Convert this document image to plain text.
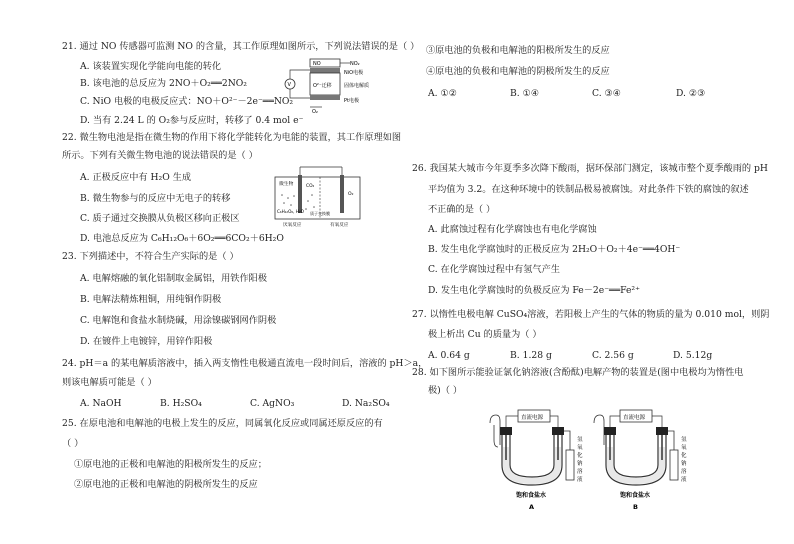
21. 通过 NO 传感器可监测 NO 的含量，其工作原理如图所示，下列说法错误的是（ ）
A. 该装置实现化学能向电能的转化
B. 该电池的总反应为 2NO＋O₂══2NO₂
C. NiO 电极的电极反应式：NO＋O²⁻－2e⁻══NO₂
D. 当有 2.24 L 的 O₂参与反应时，转移了 0.4 mol e⁻
NO	NO₂
NiO电极
O²⁻迁移 固体电解质
Pt电极
O₂
V
22. 微生物电池是指在微生物的作用下将化学能转化为电能的装置，其工作原理如图
所示。下列有关微生物电池的说法错误的是（ ）
A. 正极反应中有 H₂O 生成
B. 微生物参与的反应中无电子的转移
C. 质子通过交换膜从负极区移向正极区
D. 电池总反应为 C₆H₁₂O₆＋6O₂══6CO₂＋6H₂O
微生物
C₆H₁₂O₆, H₂O
CO₂
O₂
质子交换膜
厌氧反应	有氧反应
23. 下列描述中，不符合生产实际的是（ ）
A. 电解熔融的氧化铝制取金属铝，用铁作阳极
B. 电解法精炼粗铜，用纯铜作阴极
C. 电解饱和食盐水制烧碱，用涂镍碳钢网作阴极
D. 在镀件上电镀锌，用锌作阳极
24. pH＝a 的某电解质溶液中，插入两支惰性电极通直流电一段时间后，溶液的 pH＞a，
则该电解质可能是（ ）
A. NaOH	B. H₂SO₄	C. AgNO₃	D. Na₂SO₄
25. 在原电池和电解池的电极上发生的反应，同属氧化反应或同属还原反应的有
（ ）
①原电池的正极和电解池的阳极所发生的反应；
②原电池的正极和电解池的阴极所发生的反应
③原电池的负极和电解池的阳极所发生的反应
④原电池的负极和电解池的阴极所发生的反应
A. ①②	B. ①④	C. ③④	D. ②③
26. 我国某大城市今年夏季多次降下酸雨，据环保部门测定，该城市整个夏季酸雨的 pH
平均值为 3.2。在这种环境中的铁制品极易被腐蚀。对此条件下铁的腐蚀的叙述
不正确的是（ ）
A. 此腐蚀过程有化学腐蚀也有电化学腐蚀
B. 发生电化学腐蚀时的正极反应为 2H₂O＋O₂＋4e⁻══4OH⁻
C. 在化学腐蚀过程中有氢气产生
D. 发生电化学腐蚀时的负极反应为 Fe－2e⁻══Fe²⁺
27. 以惰性电极电解 CuSO₄溶液，若阳极上产生的气体的物质的量为 0.010 mol，则阴
极上析出 Cu 的质量为（ ）
A. 0.64 g	B. 1.28 g	C. 2.56 g	D. 5.12g
28. 如下图所示能验证氯化钠溶液(含酚酞)电解产物的装置是(图中电极均为惰性电
极)（ ）
直流电源
氢
氧
化
钠
溶
液
饱和食盐水
A
直流电源
氢
氧
化
钠
溶
液
饱和食盐水
B
